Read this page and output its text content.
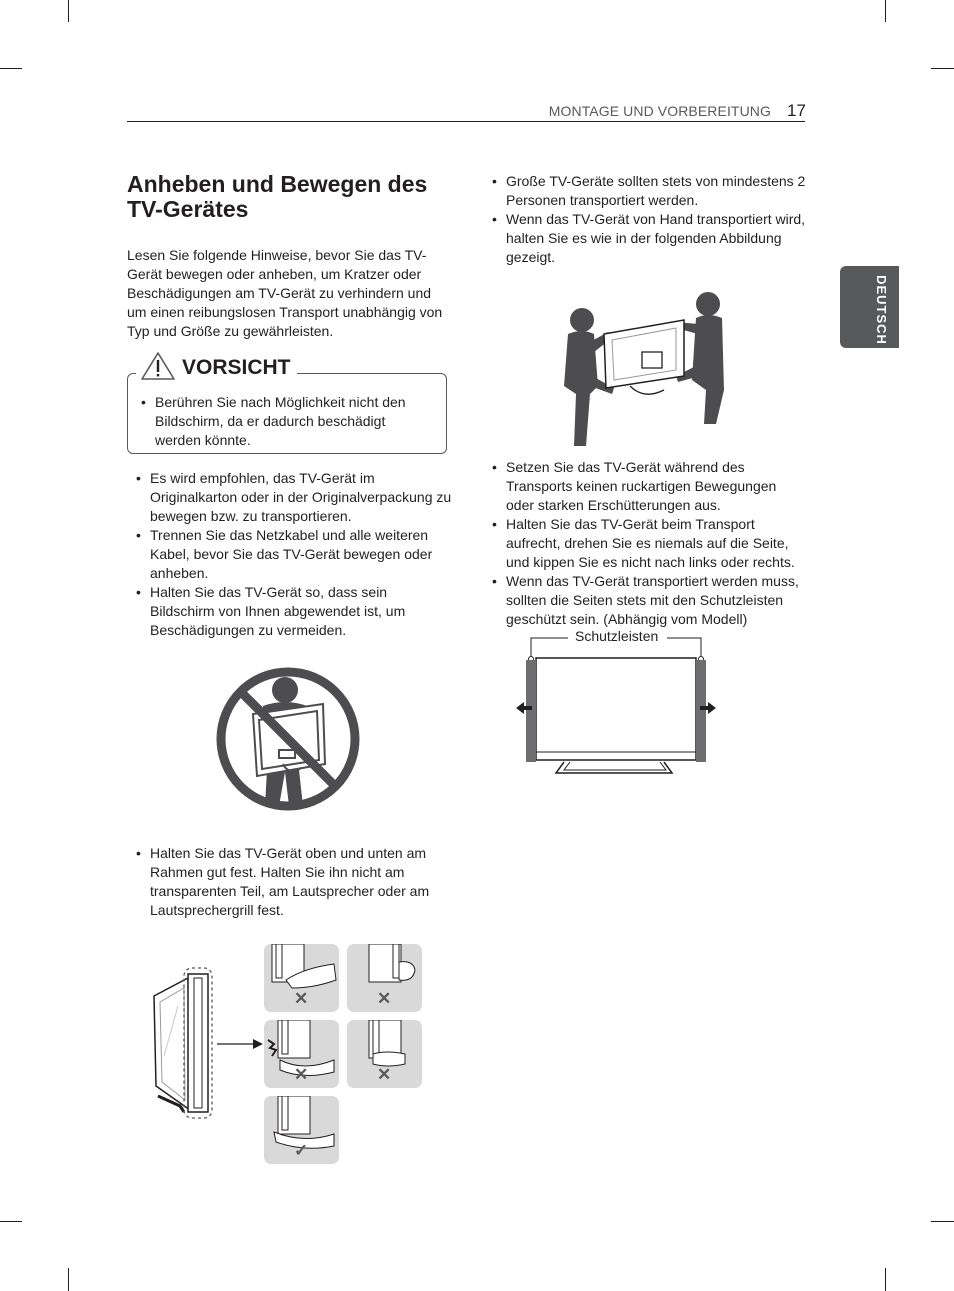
MONTAGE UND VORBEREITUNG 17
DEUTSCH
Anheben und Bewegen des TV-Gerätes
Lesen Sie folgende Hinweise, bevor Sie das TV-Gerät bewegen oder anheben, um Kratzer oder Beschädigungen am TV-Gerät zu verhindern und um einen reibungslosen Transport unabhängig von Typ und Größe zu gewährleisten.
• Berühren Sie nach Möglichkeit nicht den Bildschirm, da er dadurch beschädigt werden könnte.
VORSICHT
• Es wird empfohlen, das TV-Gerät im Originalkarton oder in der Originalverpackung zu bewegen bzw. zu transportieren.
• Trennen Sie das Netzkabel und alle weiteren Kabel, bevor Sie das TV-Gerät bewegen oder anheben.
• Halten Sie das TV-Gerät so, dass sein Bildschirm von Ihnen abgewendet ist, um Beschädigungen zu vermeiden.
• Halten Sie das TV-Gerät oben und unten am Rahmen gut fest. Halten Sie ihn nicht am transparenten Teil, am Lautsprecher oder am Lautsprechergrill fest.
✕	✕
✕	✕
✓
• Große TV-Geräte sollten stets von mindestens 2 Personen transportiert werden.
• Wenn das TV-Gerät von Hand transportiert wird, halten Sie es wie in der folgenden Abbildung gezeigt.
• Setzen Sie das TV-Gerät während des Transports keinen ruckartigen Bewegungen oder starken Erschütterungen aus.
• Halten Sie das TV-Gerät beim Transport aufrecht, drehen Sie es niemals auf die Seite, und kippen Sie es nicht nach links oder rechts.
• Wenn das TV-Gerät transportiert werden muss, sollten die Seiten stets mit den Schutzleisten geschützt sein. (Abhängig vom Modell)
Schutzleisten
